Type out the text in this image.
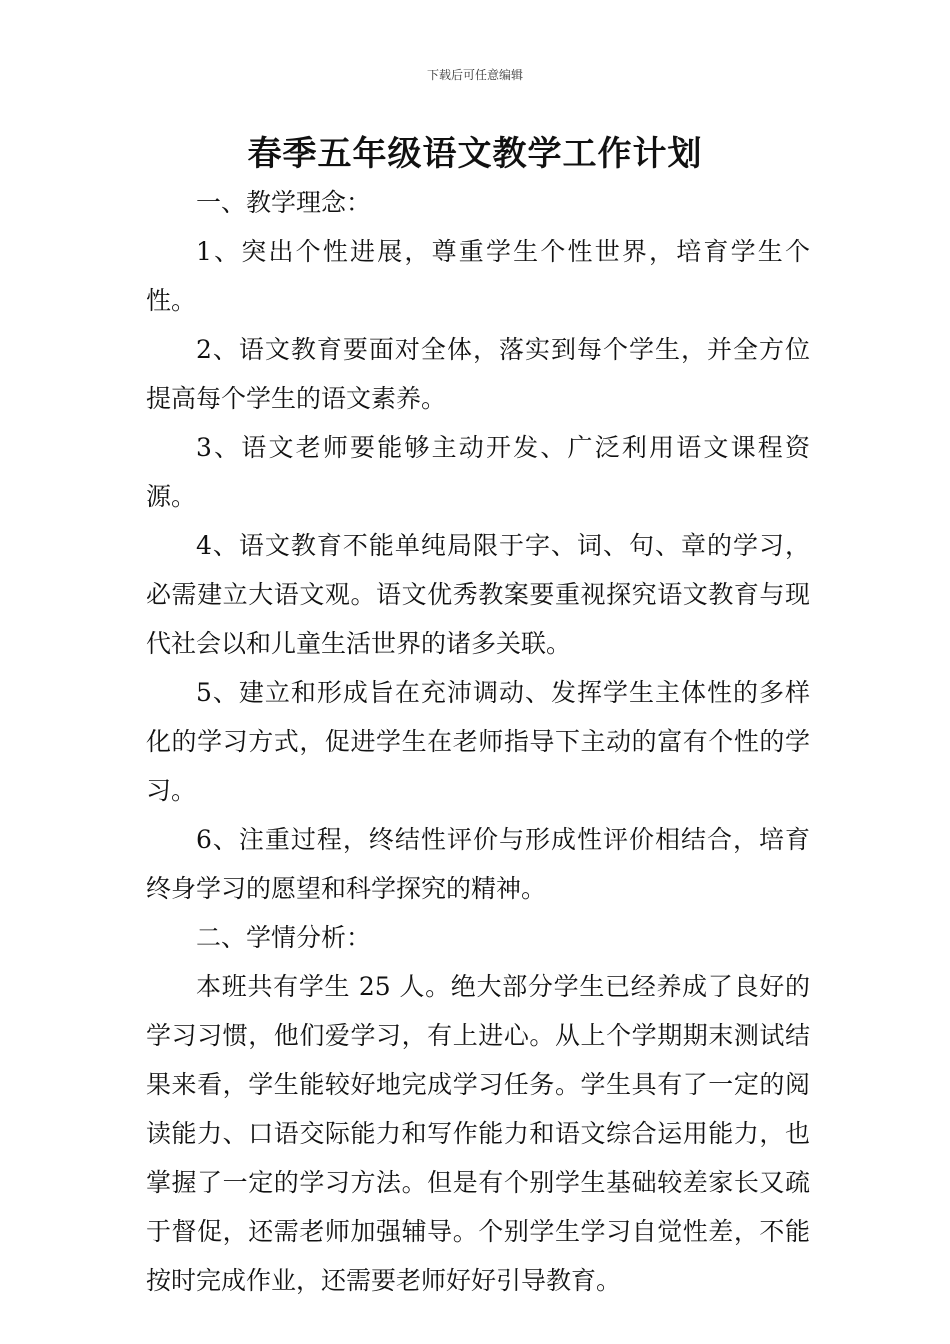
下载后可任意编辑
春季五年级语文教学工作计划

一、教学理念：

1、突出个性进展，尊重学生个性世界，培育学生个性。

2、语文教育要面对全体，落实到每个学生，并全方位提高每个学生的语文素养。

3、语文老师要能够主动开发、广泛利用语文课程资源。

4、语文教育不能单纯局限于字、词、句、章的学习，必需建立大语文观。语文优秀教案要重视探究语文教育与现代社会以和儿童生活世界的诸多关联。

5、建立和形成旨在充沛调动、发挥学生主体性的多样化的学习方式，促进学生在老师指导下主动的富有个性的学习。

6、注重过程，终结性评价与形成性评价相结合，培育终身学习的愿望和科学探究的精神。

二、学情分析：

本班共有学生 25 人。绝大部分学生已经养成了良好的学习习惯，他们爱学习，有上进心。从上个学期期末测试结果来看，学生能较好地完成学习任务。学生具有了一定的阅读能力、口语交际能力和写作能力和语文综合运用能力，也掌握了一定的学习方法。但是有个别学生基础较差家长又疏于督促，还需老师加强辅导。个别学生学习自觉性差，不能按时完成作业，还需要老师好好引导教育。
